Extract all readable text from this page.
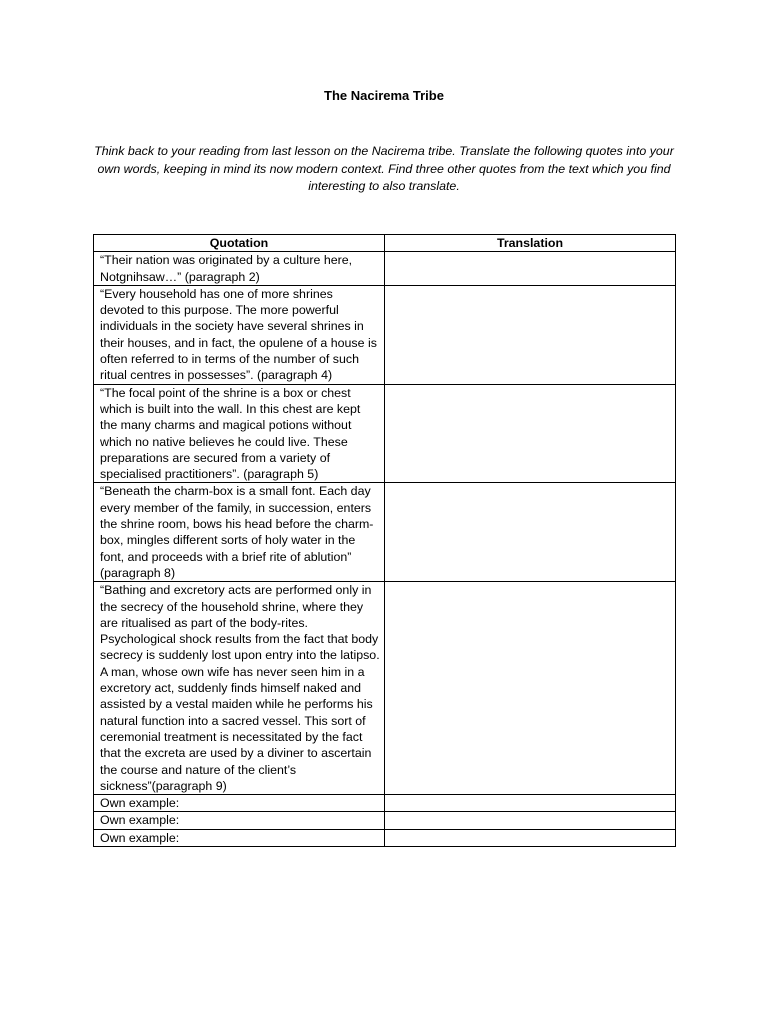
The Nacirema Tribe
Think back to your reading from last lesson on the Nacirema tribe. Translate the following quotes into your own words, keeping in mind its now modern context. Find three other quotes from the text which you find interesting to also translate.
Quotation	Translation
“Their nation was originated by a culture here, Notgnihsaw…” (paragraph 2)	
“Every household has one of more shrines devoted to this purpose. The more powerful individuals in the society have several shrines in their houses, and in fact, the opulene of a house is often referred to in terms of the number of such ritual centres in possesses”. (paragraph 4)	
“The focal point of the shrine is a box or chest which is built into the wall. In this chest are kept the many charms and magical potions without which no native believes he could live. These preparations are secured from a variety of specialised practitioners”. (paragraph 5)	
“Beneath the charm-box is a small font. Each day every member of the family, in succession, enters the shrine room, bows his head before the charm-box, mingles different sorts of holy water in the font, and proceeds with a brief rite of ablution” (paragraph 8)	
“Bathing and excretory acts are performed only in the secrecy of the household shrine, where they are ritualised as part of the body-rites. Psychological shock results from the fact that body secrecy is suddenly lost upon entry into the latipso. A man, whose own wife has never seen him in a excretory act, suddenly finds himself naked and assisted by a vestal maiden while he performs his natural function into a sacred vessel. This sort of ceremonial treatment is necessitated by the fact that the excreta are used by a diviner to ascertain the course and nature of the client’s sickness”(paragraph 9)	
Own example:	
Own example:	
Own example:	
